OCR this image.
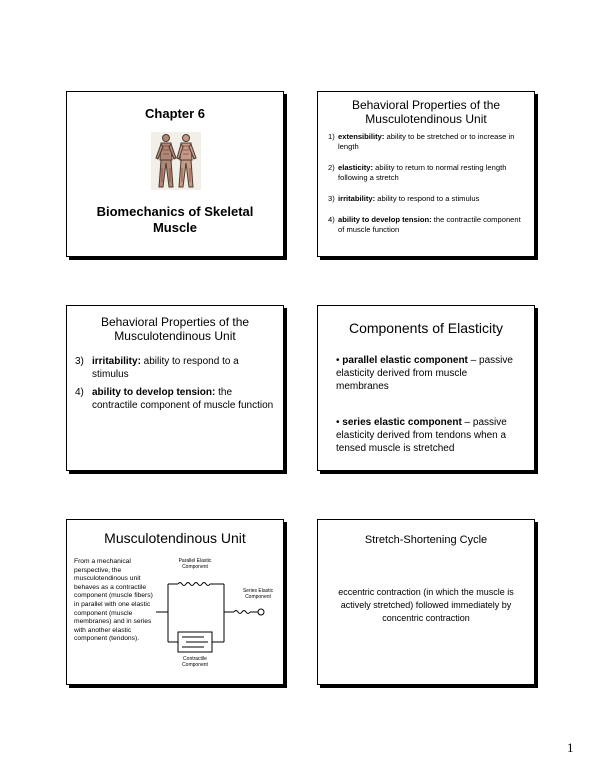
Chapter 6
Biomechanics of Skeletal
Muscle
Behavioral Properties of the
Musculotendinous Unit
1) extensibility: ability to be stretched or to increase in length
2) elasticity: ability to return to normal resting length following a stretch
3) irritability: ability to respond to a stimulus
4) ability to develop tension: the contractile component of muscle function
Behavioral Properties of the
Musculotendinous Unit
3) irritability: ability to respond to a stimulus
4) ability to develop tension: the contractile component of muscle function
Components of Elasticity
• parallel elastic component – passive elasticity derived from muscle membranes
• series elastic component – passive elasticity derived from tendons when a tensed muscle is stretched
Musculotendinous Unit
From a mechanical perspective, the musculotendinous unit behaves as a contractile component (muscle fibers) in parallel with one elastic component (muscle membranes) and in series with another elastic component (tendons).
Parallel Elastic
Component
Series Elastic
Component
Contractile
Component
Stretch-Shortening Cycle
eccentric contraction (in which the muscle is actively stretched) followed immediately by concentric contraction
1
